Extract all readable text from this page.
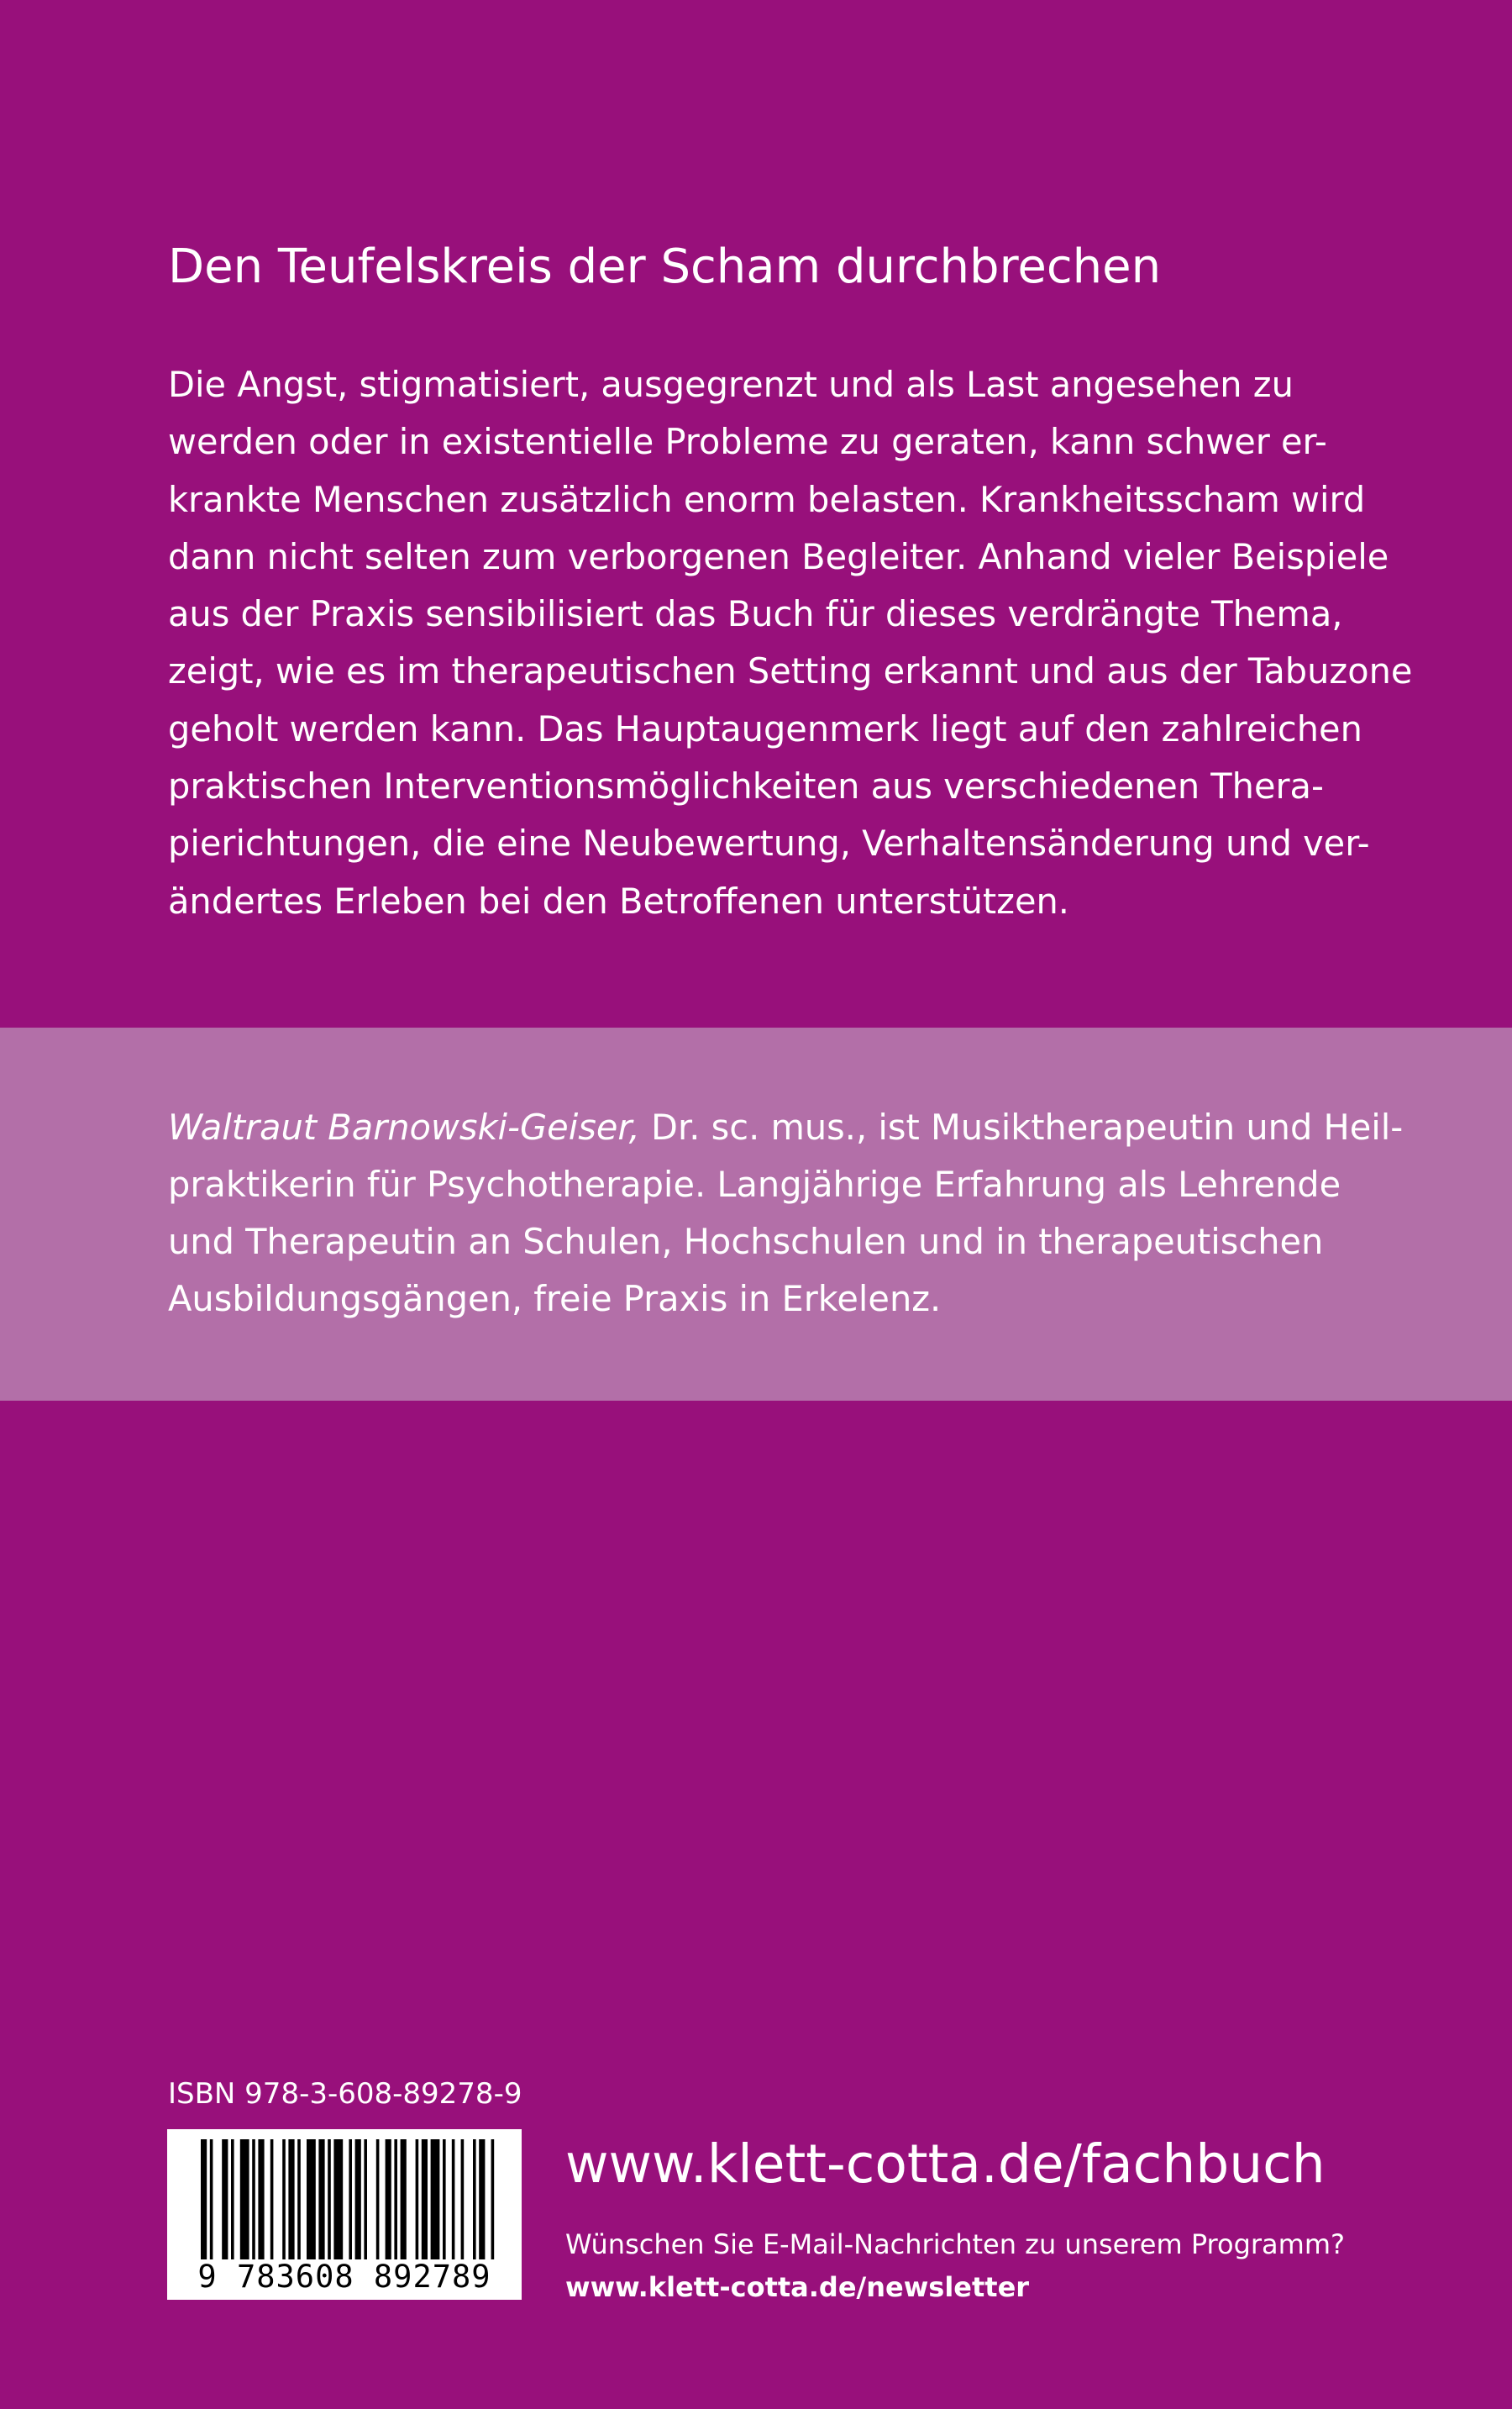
Den Teufelskreis der Scham durchbrechen

Die Angst, stigmatisiert, ausgegrenzt und als Last angesehen zu
werden oder in existentielle Probleme zu geraten, kann schwer er-
krankte Menschen zusätzlich enorm belasten. Krankheitsscham wird
dann nicht selten zum verborgenen Begleiter. Anhand vieler Beispiele
aus der Praxis sensibilisiert das Buch für dieses verdrängte Thema,
zeigt, wie es im therapeutischen Setting erkannt und aus der Tabuzone
geholt werden kann. Das Hauptaugenmerk liegt auf den zahlreichen
praktischen Interventionsmöglichkeiten aus verschiedenen Thera-
pierichtungen, die eine Neubewertung, Verhaltensänderung und ver-
ändertes Erleben bei den Betroffenen unterstützen.

Waltraut Barnowski-Geiser, Dr. sc. mus., ist Musiktherapeutin und Heil-
praktikerin für Psychotherapie. Langjährige Erfahrung als Lehrende
und Therapeutin an Schulen, Hochschulen und in therapeutischen
Ausbildungsgängen, freie Praxis in Erkelenz.

ISBN 978-3-608-89278-9
9 783608 892789
www.klett-cotta.de/fachbuch
Wünschen Sie E-Mail-Nachrichten zu unserem Programm?
www.klett-cotta.de/newsletter
